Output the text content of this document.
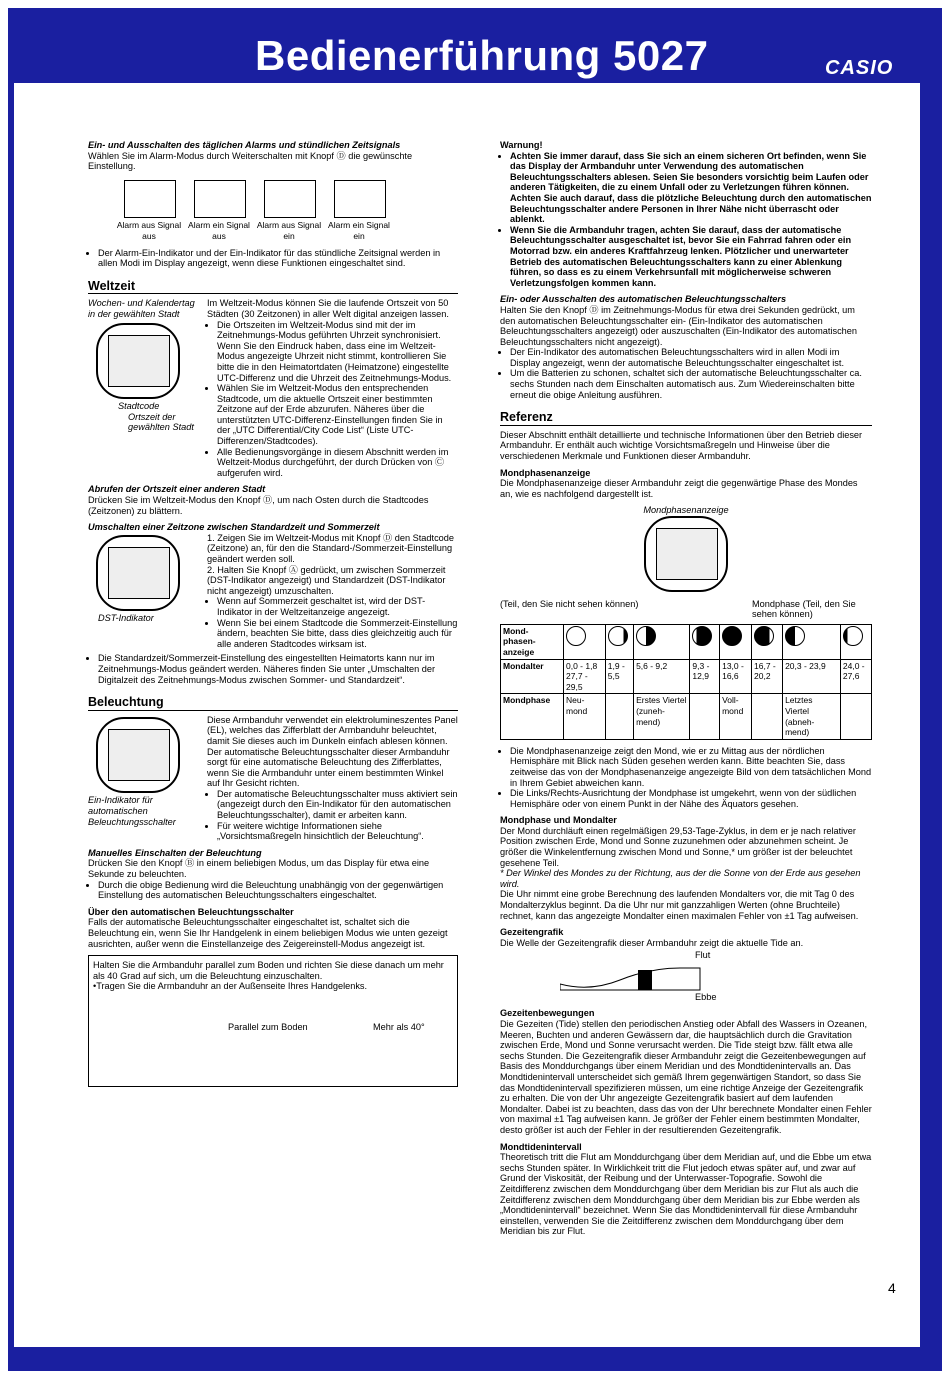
Bedienerführung 5027	CASIO

Ein- und Ausschalten des täglichen Alarms und stündlichen Zeitsignals

Wählen Sie im Alarm-Modus durch Weiterschalten mit Knopf Ⓓ die gewünschte Einstellung.

Alarm aus Signal ausAlarm ein Signal ausAlarm aus Signal einAlarm ein Signal ein
• Der Alarm-Ein-Indikator und der Ein-Indikator für das stündliche Zeitsignal werden in allen Modi im Display angezeigt, wenn diese Funktionen eingeschaltet sind.
Weltzeit

Wochen- und Kalendertag in der gewählten Stadt

Stadtcode

Ortszeit der gewählten Stadt

Im Weltzeit-Modus können Sie die laufende Ortszeit von 50 Städten (30 Zeitzonen) in aller Welt digital anzeigen lassen.

• Die Ortszeiten im Weltzeit-Modus sind mit der im Zeitnehmungs-Modus geführten Uhrzeit synchronisiert. Wenn Sie den Eindruck haben, dass eine im Weltzeit-Modus angezeigte Uhrzeit nicht stimmt, kontrollieren Sie bitte die in den Heimatortdaten (Heimatzone) eingestellte UTC-Differenz und die Uhrzeit des Zeitnehmungs-Modus.
• Wählen Sie im Weltzeit-Modus den entsprechenden Stadtcode, um die aktuelle Ortszeit einer bestimmten Zeitzone auf der Erde abzurufen. Näheres über die unterstützten UTC-Differenz-Einstellungen finden Sie in der „UTC Differential/City Code List“ (Liste UTC-Differenzen/Stadtcodes).
• Alle Bedienungsvorgänge in diesem Abschnitt werden im Weltzeit-Modus durchgeführt, der durch Drücken von Ⓒ aufgerufen wird.

Abrufen der Ortszeit einer anderen Stadt

Drücken Sie im Weltzeit-Modus den Knopf Ⓓ, um nach Osten durch die Stadtcodes (Zeitzonen) zu blättern.

Umschalten einer Zeitzone zwischen Standardzeit und Sommerzeit

DST-Indikator

1. Zeigen Sie im Weltzeit-Modus mit Knopf Ⓓ den Stadtcode (Zeitzone) an, für den die Standard-/Sommerzeit-Einstellung geändert werden soll.

2. Halten Sie Knopf Ⓐ gedrückt, um zwischen Sommerzeit (DST-Indikator angezeigt) und Standardzeit (DST-Indikator nicht angezeigt) umzuschalten.

• Wenn auf Sommerzeit geschaltet ist, wird der DST-Indikator in der Weltzeitanzeige angezeigt.
• Wenn Sie bei einem Stadtcode die Sommerzeit-Einstellung ändern, beachten Sie bitte, dass dies gleichzeitig auch für alle anderen Stadtcodes wirksam ist.
• Die Standardzeit/Sommerzeit-Einstellung des eingestellten Heimatorts kann nur im Zeitnehmungs-Modus geändert werden. Näheres finden Sie unter „Umschalten der Digitalzeit des Zeitnehmungs-Modus zwischen Sommer- und Standardzeit“.
Beleuchtung

Ein-Indikator für automatischen Beleuchtungsschalter

Diese Armbanduhr verwendet ein elektrolumineszentes Panel (EL), welches das Zifferblatt der Armbanduhr beleuchtet, damit Sie dieses auch im Dunkeln einfach ablesen können. Der automatische Beleuchtungsschalter dieser Armbanduhr sorgt für eine automatische Beleuchtung des Zifferblattes, wenn Sie die Armbanduhr unter einem bestimmten Winkel auf Ihr Gesicht richten.

• Der automatische Beleuchtungsschalter muss aktiviert sein (angezeigt durch den Ein-Indikator für den automatischen Beleuchtungsschalter), damit er arbeiten kann.
• Für weitere wichtige Informationen siehe „Vorsichtsmaßregeln hinsichtlich der Beleuchtung“.

Manuelles Einschalten der Beleuchtung

Drücken Sie den Knopf Ⓑ in einem beliebigen Modus, um das Display für etwa eine Sekunde zu beleuchten.

• Durch die obige Bedienung wird die Beleuchtung unabhängig von der gegenwärtigen Einstellung des automatischen Beleuchtungsschalters eingeschaltet.

Über den automatischen Beleuchtungsschalter

Falls der automatische Beleuchtungsschalter eingeschaltet ist, schaltet sich die Beleuchtung ein, wenn Sie Ihr Handgelenk in einem beliebigen Modus wie unten gezeigt ausrichten, außer wenn die Einstellanzeige des Zeigereinstell-Modus angezeigt ist.

Halten Sie die Armbanduhr parallel zum Boden und richten Sie diese danach um mehr als 40 Grad auf sich, um die Beleuchtung einzuschalten.

•Tragen Sie die Armbanduhr an der Außenseite Ihres Handgelenks.

Parallel zum Boden	Mehr als 40°

Warnung!

• Achten Sie immer darauf, dass Sie sich an einem sicheren Ort befinden, wenn Sie das Display der Armbanduhr unter Verwendung des automatischen Beleuchtungsschalters ablesen. Seien Sie besonders vorsichtig beim Laufen oder anderen Tätigkeiten, die zu einem Unfall oder zu Verletzungen führen können. Achten Sie auch darauf, dass die plötzliche Beleuchtung durch den automatischen Beleuchtungsschalter andere Personen in Ihrer Nähe nicht überrascht oder ablenkt.
• Wenn Sie die Armbanduhr tragen, achten Sie darauf, dass der automatische Beleuchtungsschalter ausgeschaltet ist, bevor Sie ein Fahrrad fahren oder ein Motorrad bzw. ein anderes Kraftfahrzeug lenken. Plötzlicher und unerwarteter Betrieb des automatischen Beleuchtungsschalters kann zu einer Ablenkung führen, so dass es zu einem Verkehrsunfall mit möglicherweise schweren Verletzungsfolgen kommen kann.

Ein- oder Ausschalten des automatischen Beleuchtungsschalters

Halten Sie den Knopf Ⓓ im Zeitnehmungs-Modus für etwa drei Sekunden gedrückt, um den automatischen Beleuchtungsschalter ein- (Ein-Indikator des automatischen Beleuchtungsschalters angezeigt) oder auszuschalten (Ein-Indikator des automatischen Beleuchtungsschalters nicht angezeigt).

• Der Ein-Indikator des automatischen Beleuchtungsschalters wird in allen Modi im Display angezeigt, wenn der automatische Beleuchtungsschalter eingeschaltet ist.
• Um die Batterien zu schonen, schaltet sich der automatische Beleuchtungsschalter ca. sechs Stunden nach dem Einschalten automatisch aus. Zum Wiedereinschalten bitte erneut die obige Anleitung ausführen.
Referenz

Dieser Abschnitt enthält detaillierte und technische Informationen über den Betrieb dieser Armbanduhr. Er enthält auch wichtige Vorsichtsmaßregeln und Hinweise über die verschiedenen Merkmale und Funktionen dieser Armbanduhr.

Mondphasenanzeige

Die Mondphasenanzeige dieser Armbanduhr zeigt die gegenwärtige Phase des Mondes an, wie es nachfolgend dargestellt ist.

Mondphasenanzeige
(Teil, den Sie nicht sehen können)	Mondphase (Teil, den Sie sehen können)
Mond-phasen-anzeige								
Mondalter	0,0 - 1,8 27,7 - 29,5	1,9 - 5,5	5,6 - 9,2	9,3 - 12,9	13,0 - 16,6	16,7 - 20,2	20,3 - 23,9	24,0 - 27,6
Mondphase	Neu-mond		Erstes Viertel (zuneh-mend)		Voll-mond		Letztes Viertel (abneh-mend)	
• Die Mondphasenanzeige zeigt den Mond, wie er zu Mittag aus der nördlichen Hemisphäre mit Blick nach Süden gesehen werden kann. Bitte beachten Sie, dass zeitweise das von der Mondphasenanzeige angezeigte Bild von dem tatsächlichen Mond in Ihrem Gebiet abweichen kann.
• Die Links/Rechts-Ausrichtung der Mondphase ist umgekehrt, wenn von der südlichen Hemisphäre oder von einem Punkt in der Nähe des Äquators gesehen.

Mondphase und Mondalter

Der Mond durchläuft einen regelmäßigen 29,53-Tage-Zyklus, in dem er je nach relativer Position zwischen Erde, Mond und Sonne zuzunehmen oder abzunehmen scheint. Je größer die Winkelentfernung zwischen Mond und Sonne,* um größer ist der beleuchtet gesehene Teil.

* Der Winkel des Mondes zu der Richtung, aus der die Sonne von der Erde aus gesehen wird.

Die Uhr nimmt eine grobe Berechnung des laufenden Mondalters vor, die mit Tag 0 des Mondalterzyklus beginnt. Da die Uhr nur mit ganzzahligen Werten (ohne Bruchteile) rechnet, kann das angezeigte Mondalter einen maximalen Fehler von ±1 Tag aufweisen.

Gezeitengrafik

Die Welle der Gezeitengrafik dieser Armbanduhr zeigt die aktuelle Tide an.

Flut
Ebbe

Gezeitenbewegungen

Die Gezeiten (Tide) stellen den periodischen Anstieg oder Abfall des Wassers in Ozeanen, Meeren, Buchten und anderen Gewässern dar, die hauptsächlich durch die Gravitation zwischen Erde, Mond und Sonne verursacht werden. Die Tide steigt bzw. fällt etwa alle sechs Stunden. Die Gezeitengrafik dieser Armbanduhr zeigt die Gezeitenbewegungen auf Basis des Monddurchgangs über einem Meridian und des Mondtidenintervalls an. Das Mondtidenintervall unterscheidet sich gemäß Ihrem gegenwärtigen Standort, so dass Sie das Mondtidenintervall spezifizieren müssen, um eine richtige Anzeige der Gezeitengrafik zu erhalten. Die von der Uhr angezeigte Gezeitengrafik basiert auf dem laufenden Mondalter. Dabei ist zu beachten, dass das von der Uhr berechnete Mondalter einen Fehler von maximal ±1 Tag aufweisen kann. Je größer der Fehler einem bestimmten Mondalter, desto größer ist auch der Fehler in der resultierenden Gezeitengrafik.

Mondtidenintervall

Theoretisch tritt die Flut am Monddurchgang über dem Meridian auf, und die Ebbe um etwa sechs Stunden später. In Wirklichkeit tritt die Flut jedoch etwas später auf, und zwar auf Grund der Viskosität, der Reibung und der Unterwasser-Topografie. Sowohl die Zeitdifferenz zwischen dem Monddurchgang über dem Meridian bis zur Flut als auch die Zeitdifferenz zwischen dem Monddurchgang über dem Meridian bis zur Ebbe werden als „Mondtidenintervall“ bezeichnet. Wenn Sie das Mondtidenintervall für diese Armbanduhr einstellen, verwenden Sie die Zeitdifferenz zwischen dem Monddurchgang über dem Meridian bis zur Flut.

4
